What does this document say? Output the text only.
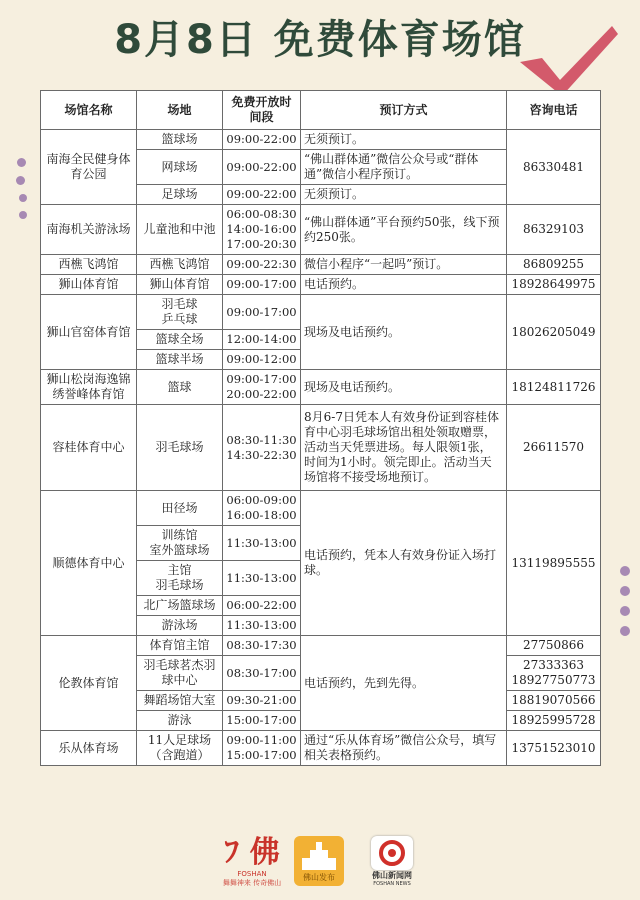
8月8日 免费体育场馆
场馆名称	场地	免费开放时间段	预订方式	咨询电话

南海全民健身体育公园	篮球场	09:00-22:00	无须预订。	86330481

	网球场	09:00-22:00	“佛山群体通”微信公众号或“群体通”微信小程序预订。	

	足球场	09:00-22:00	无须预订。	

南海机关游泳场	儿童池和中池	06:00-08:30
14:00-16:00
17:00-20:30	“佛山群体通”平台预约50张，线下预约250张。	86329103

西樵飞鸿馆	西樵飞鸿馆	09:00-22:30	微信小程序“一起吗”预订。	86809255

狮山体育馆	狮山体育馆	09:00-17:00	电话预约。	18928649975

狮山官窑体育馆	羽毛球
乒乓球	09:00-17:00	现场及电话预约。	18026205049

	篮球全场	12:00-14:00		

	篮球半场	09:00-12:00		

狮山松岗海逸锦绣誉峰体育馆	篮球	09:00-17:00
20:00-22:00	现场及电话预约。	18124811726

容桂体育中心	羽毛球场	08:30-11:30
14:30-22:30	8月6-7日凭本人有效身份证到容桂体育中心羽毛球场馆出租处领取赠票，活动当天凭票进场。每人限领1张，时间为1小时。领完即止。活动当天场馆将不接受场地预订。	26611570

顺德体育中心	田径场	06:00-09:00
16:00-18:00	电话预约，凭本人有效身份证入场打球。	13119895555

	训练馆
室外篮球场	11:30-13:00		

	主馆
羽毛球场	11:30-13:00		

	北广场篮球场	06:00-22:00		

	游泳场	11:30-13:00		

伦教体育馆	体育馆主馆	08:30-17:30	电话预约，先到先得。	27750866

	羽毛球茗杰羽球中心	08:30-17:00		27333363
18927750773

	舞蹈场馆大室	09:30-21:00		18819070566

	游泳	15:00-17:00		18925995728

乐从体育场	11人足球场（含跑道）	09:00-11:00
15:00-17:00	通过“乐从体育场”微信公众号，填写相关表格预约。	13751523010
ﾌ 佛
FOSHAN
舞舞神来 传奇佛山
佛山发布	佛山新闻网
FOSHAN NEWS
